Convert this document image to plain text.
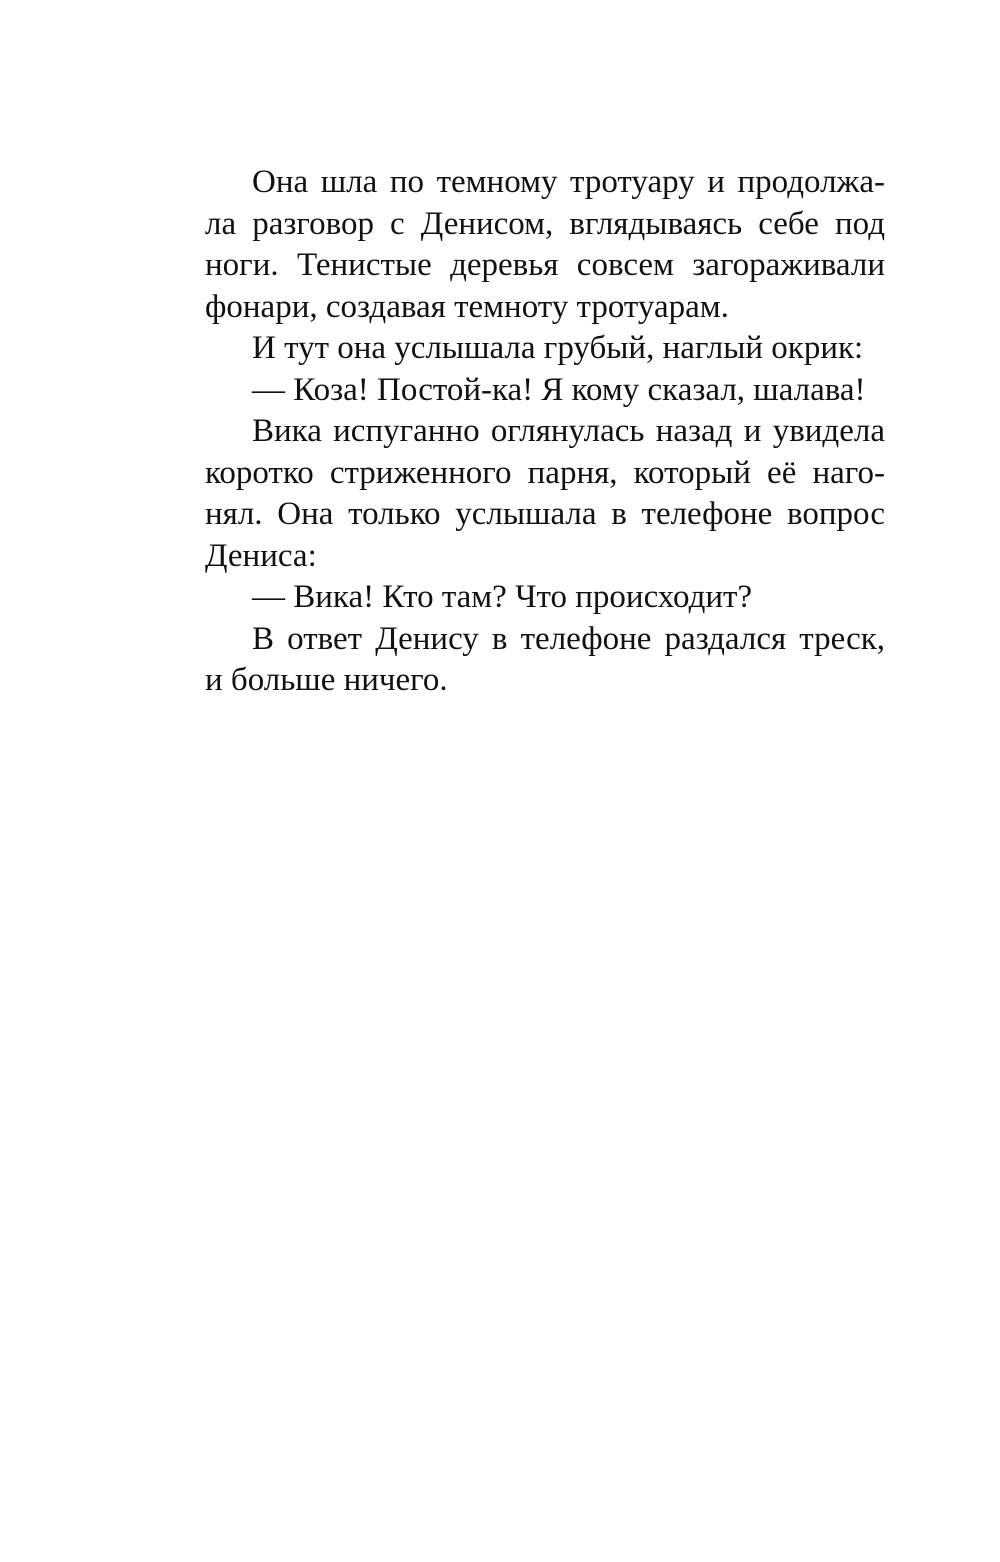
Она шла по темному тротуару и продолжа-
ла разговор с Денисом, вглядываясь себе под
ноги. Тенистые деревья совсем загораживали
фонари, создавая темноту тротуарам.
И тут она услышала грубый, наглый окрик:
— Коза! Постой-ка! Я кому сказал, шалава!
Вика испуганно оглянулась назад и увидела
коротко стриженного парня, который её наго-
нял. Она только услышала в телефоне вопрос
Дениса:
— Вика! Кто там? Что происходит?
В ответ Денису в телефоне раздался треск,
и больше ничего.
